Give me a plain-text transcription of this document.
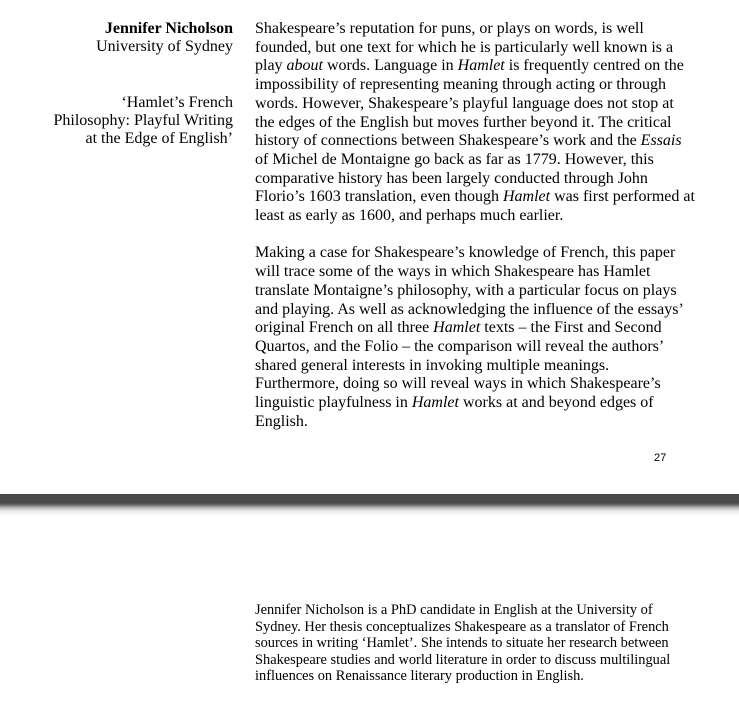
Jennifer Nicholson
University of Sydney
‘Hamlet’s French
Philosophy: Playful Writing
at the Edge of English’

Shakespeare’s reputation for puns, or plays on words, is well founded, but one text for which he is particularly well known is a play about words. Language in Hamlet is frequently centred on the impossibility of representing meaning through acting or through words. However, Shakespeare’s playful language does not stop at the edges of the English but moves further beyond it. The critical history of connections between Shakespeare’s work and the Essais of Michel de Montaigne go back as far as 1779. However, this comparative history has been largely conducted through John Florio’s 1603 translation, even though Hamlet was first performed at least as early as 1600, and perhaps much earlier.

Making a case for Shakespeare’s knowledge of French, this paper will trace some of the ways in which Shakespeare has Hamlet translate Montaigne’s philosophy, with a particular focus on plays and playing. As well as acknowledging the influence of the essays’ original French on all three Hamlet texts – the First and Second Quartos, and the Folio – the comparison will reveal the authors’ shared general interests in invoking multiple meanings. Furthermore, doing so will reveal ways in which Shakespeare’s linguistic playfulness in Hamlet works at and beyond edges of English.

27
Jennifer Nicholson is a PhD candidate in English at the University of Sydney. Her thesis conceptualizes Shakespeare as a translator of French sources in writing ‘Hamlet’. She intends to situate her research between Shakespeare studies and world literature in order to discuss multilingual influences on Renaissance literary production in English.
